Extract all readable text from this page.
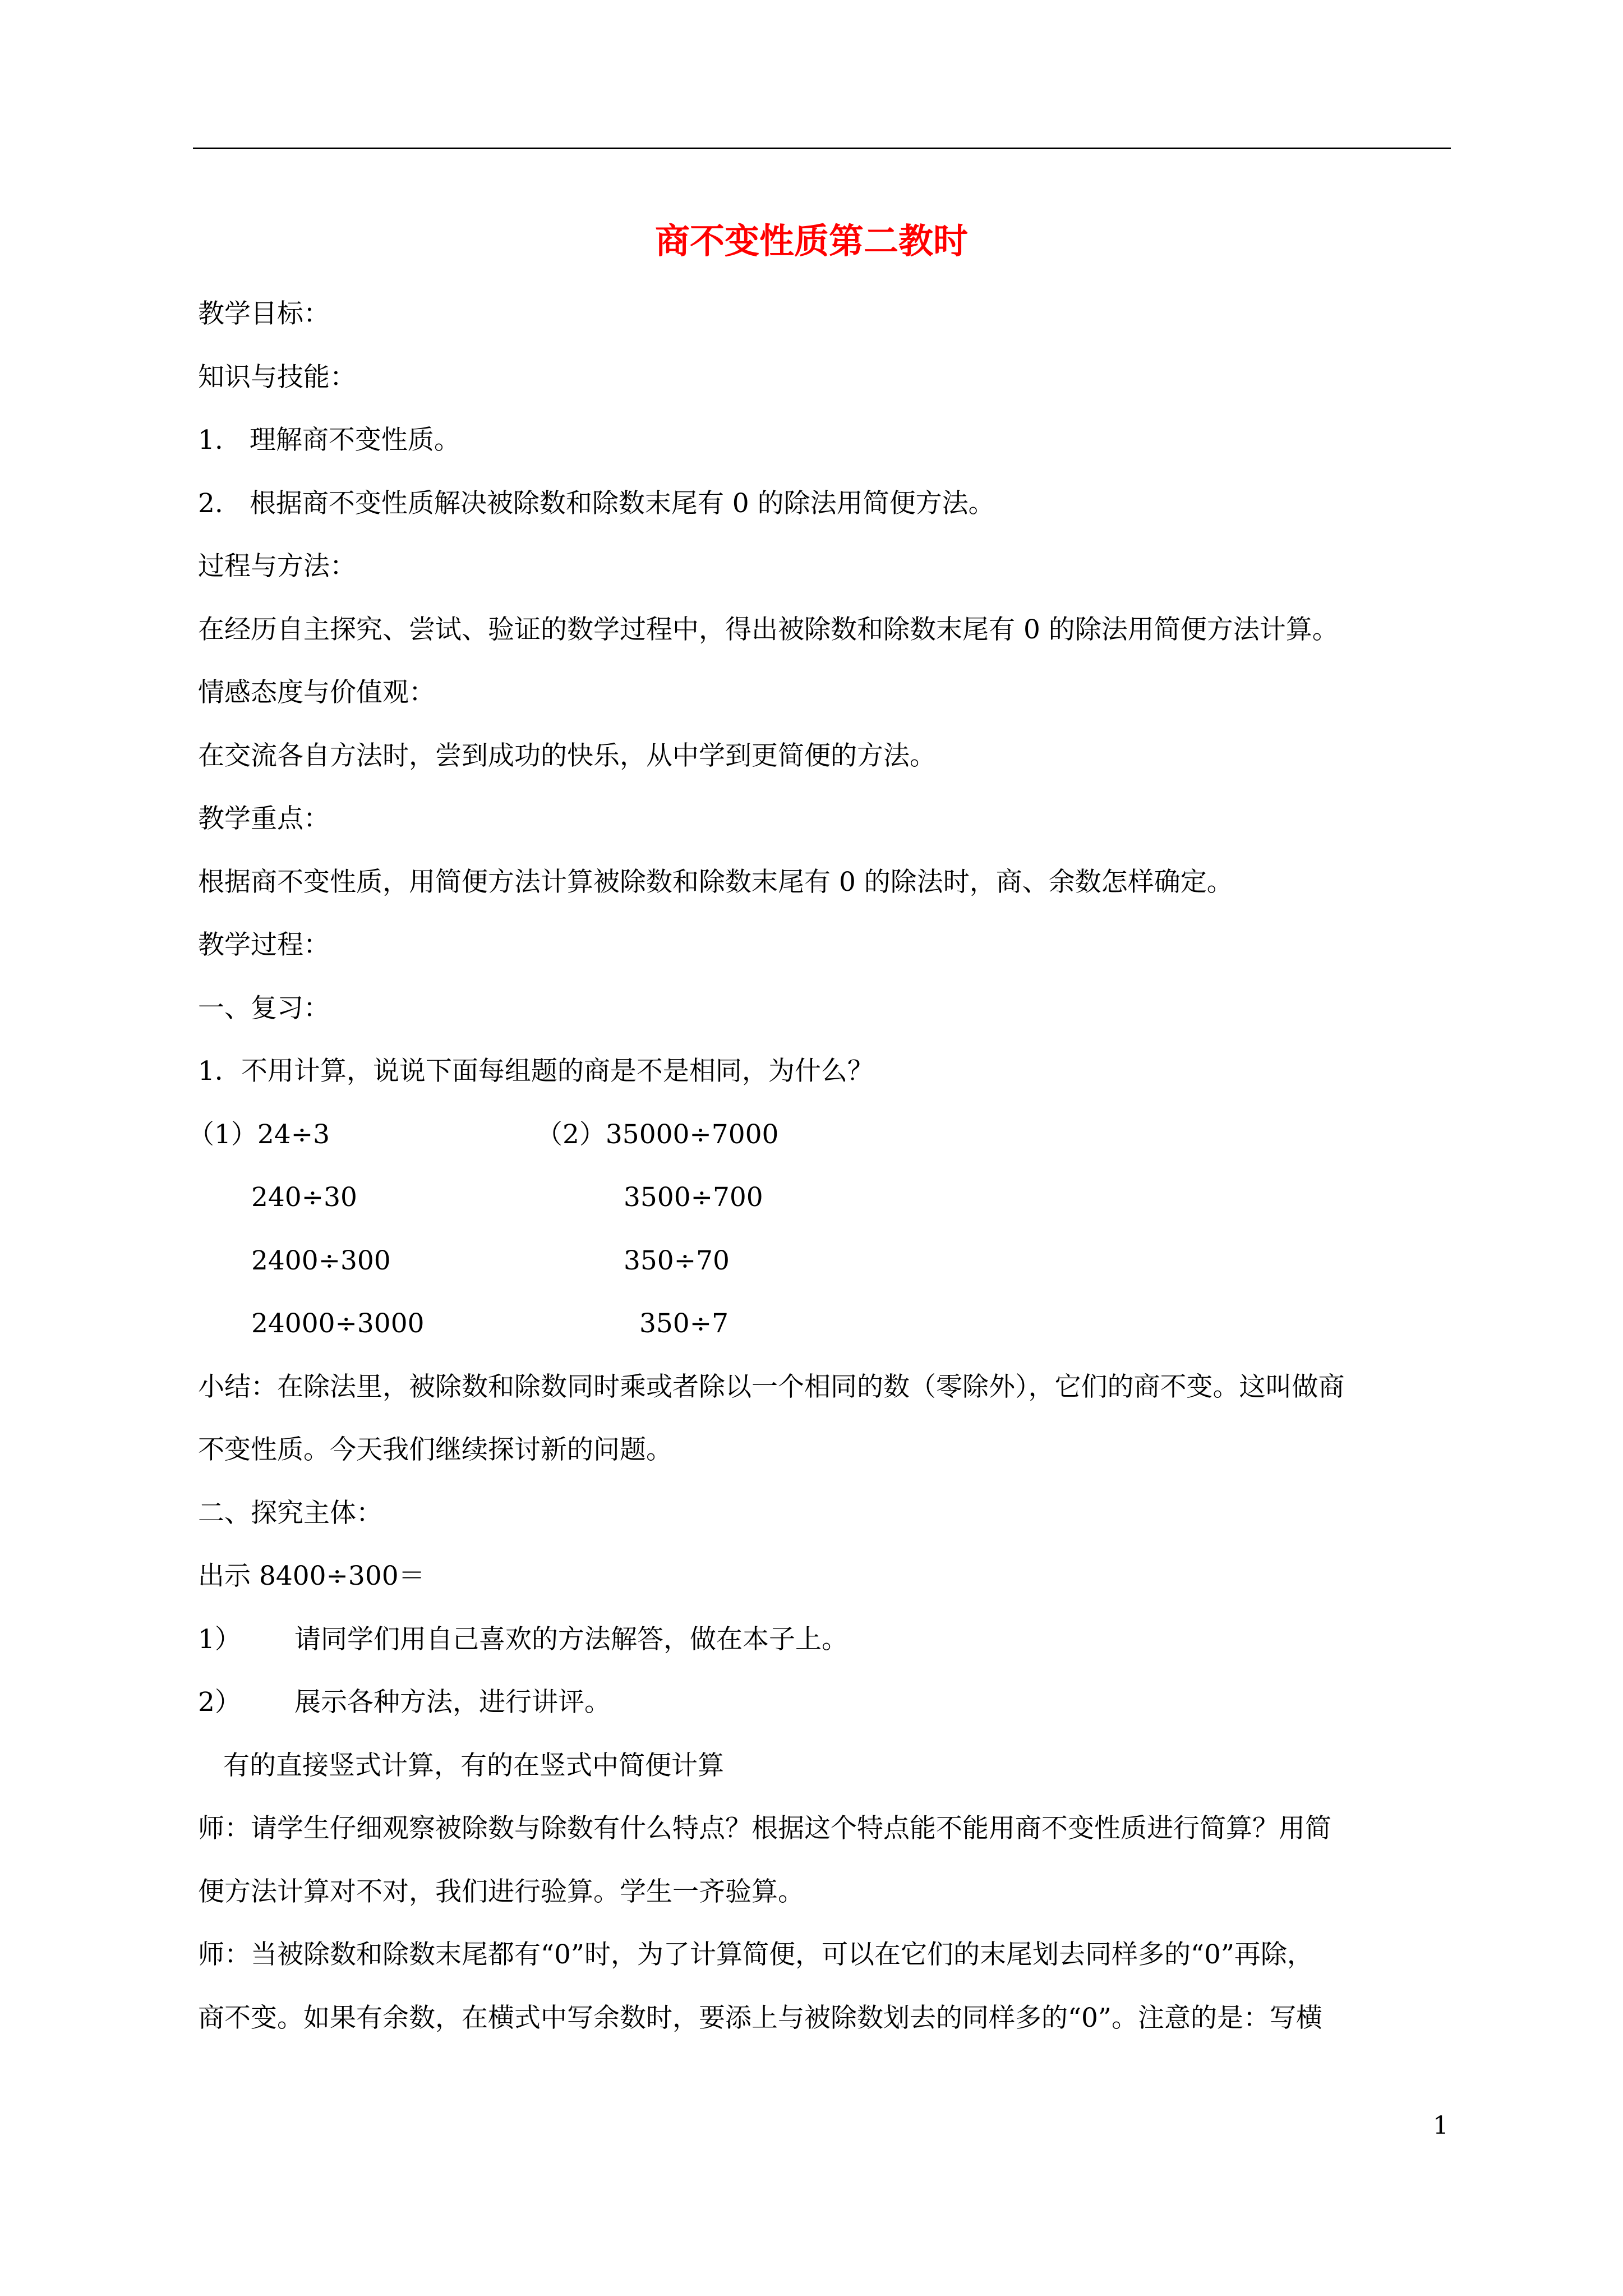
商不变性质第二教时
教学目标：
知识与技能：
1.　理解商不变性质。
2.　根据商不变性质解决被除数和除数末尾有 0 的除法用简便方法。
过程与方法：
在经历自主探究、尝试、验证的数学过程中，得出被除数和除数末尾有 0 的除法用简便方法计算。
情感态度与价值观：
在交流各自方法时，尝到成功的快乐，从中学到更简便的方法。
教学重点：
根据商不变性质，用简便方法计算被除数和除数末尾有 0 的除法时，商、余数怎样确定。
教学过程：
一、复习：
1．不用计算，说说下面每组题的商是不是相同，为什么？
（1）24÷3	（2）35000÷7000
240÷30	3500÷700
2400÷300	350÷70
24000÷3000	350÷7
小结：在除法里，被除数和除数同时乘或者除以一个相同的数（零除外），它们的商不变。这叫做商
不变性质。今天我们继续探讨新的问题。
二、探究主体：
出示 8400÷300＝
1） 请同学们用自己喜欢的方法解答，做在本子上。
2） 展示各种方法，进行讲评。
有的直接竖式计算，有的在竖式中简便计算
师：请学生仔细观察被除数与除数有什么特点？根据这个特点能不能用商不变性质进行简算？用简
便方法计算对不对，我们进行验算。学生一齐验算。
师：当被除数和除数末尾都有“0”时，为了计算简便，可以在它们的末尾划去同样多的“0”再除，
商不变。如果有余数，在横式中写余数时，要添上与被除数划去的同样多的“0”。注意的是：写横
1
